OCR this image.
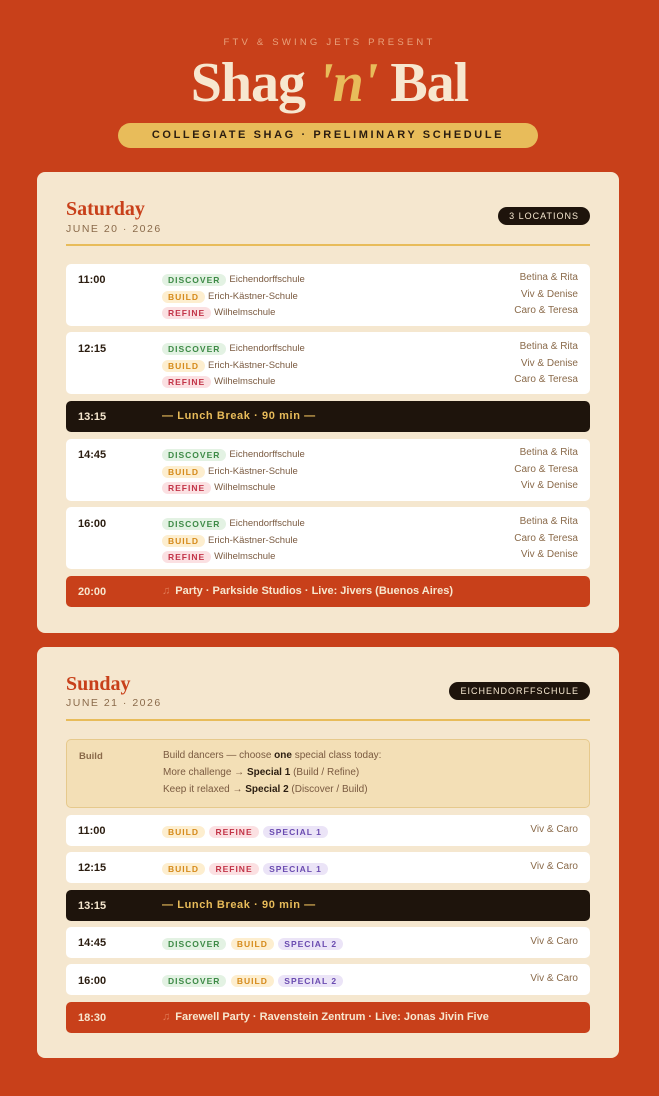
FTV & SWING JETS PRESENT
Shag 'n' Bal
COLLEGIATE SHAG · PRELIMINARY SCHEDULE
Saturday
JUNE 20 · 2026
3 LOCATIONS
11:00	DISCOVER Eichendorffschule	Betina & Rita
BUILD Erich-Kästner-Schule	Viv & Denise
REFINE Wilhelmschule	Caro & Teresa
12:15	DISCOVER Eichendorffschule	Betina & Rita
BUILD Erich-Kästner-Schule	Viv & Denise
REFINE Wilhelmschule	Caro & Teresa
13:15	— Lunch Break · 90 min —
14:45	DISCOVER Eichendorffschule	Betina & Rita
BUILD Erich-Kästner-Schule	Caro & Teresa
REFINE Wilhelmschule	Viv & Denise
16:00	DISCOVER Eichendorffschule	Betina & Rita
BUILD Erich-Kästner-Schule	Caro & Teresa
REFINE Wilhelmschule	Viv & Denise
20:00	♫ Party · Parkside Studios · Live: Jivers (Buenos Aires)
Sunday
JUNE 21 · 2026
EICHENDORFFSCHULE
Build	Build dancers — choose one special class today:
More challenge → Special 1 (Build / Refine)
Keep it relaxed → Special 2 (Discover / Build)
11:00	BUILD REFINE SPECIAL 1	Viv & Caro
12:15	BUILD REFINE SPECIAL 1	Viv & Caro
13:15	— Lunch Break · 90 min —
14:45	DISCOVER BUILD SPECIAL 2	Viv & Caro
16:00	DISCOVER BUILD SPECIAL 2	Viv & Caro
18:30	♫ Farewell Party · Ravenstein Zentrum · Live: Jonas Jivin Five
